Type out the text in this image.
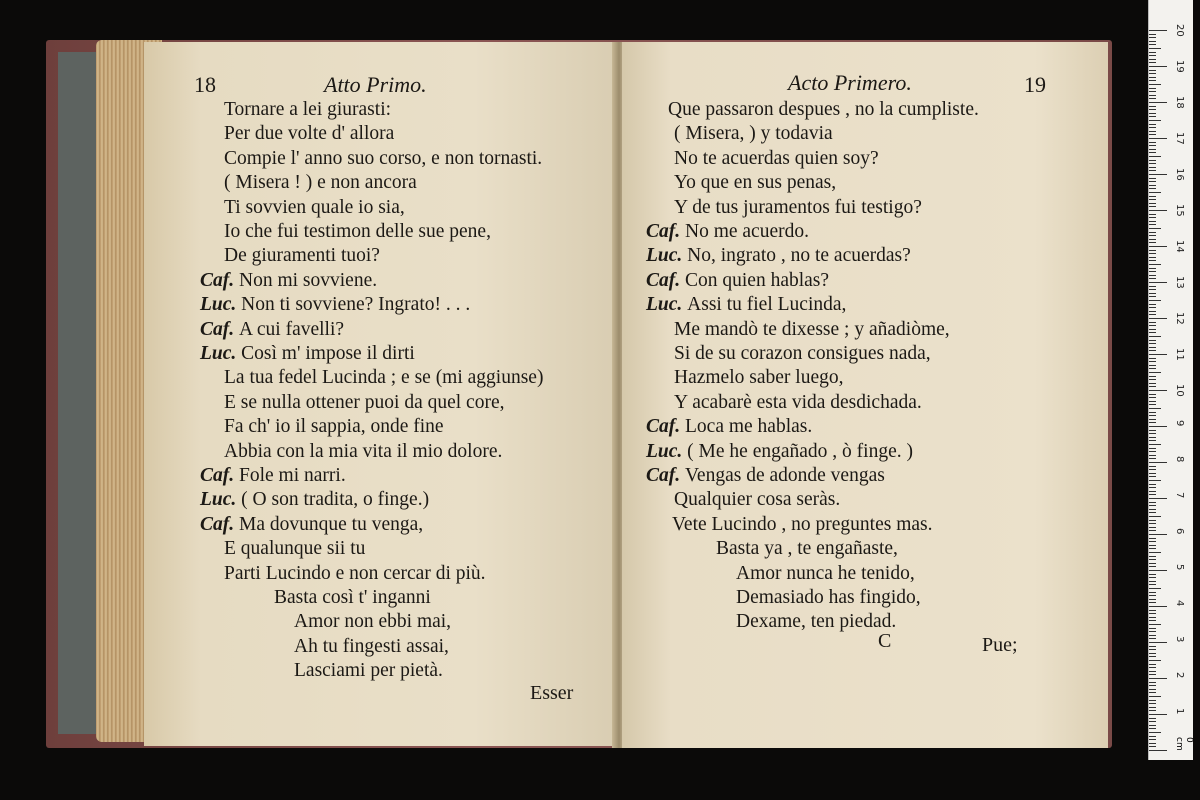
18	Atto Primo.
Tornare a lei giurasti:
Per due volte d' allora
Compie l' anno suo corso, e non tornasti.
( Misera ! ) e non ancora
Ti sovvien quale io sia,
Io che fui testimon delle sue pene,
De giuramenti tuoi?
Caf. Non mi sovviene.
Luc. Non ti sovviene? Ingrato! . . .
Caf. A cui favelli?
Luc. Così m' impose il dirti
La tua fedel Lucinda ; e se (mi aggiunse)
E se nulla ottener puoi da quel core,
Fa ch' io il sappia, onde fine
Abbia con la mia vita il mio dolore.
Caf. Fole mi narri.
Luc. ( O son tradita, o finge.)
Caf. Ma dovunque tu venga,
E qualunque sii tu
Parti Lucindo e non cercar di più.
Basta così t' inganni
Amor non ebbi mai,
Ah tu fingesti assai,
Lasciami per pietà.
Esser
Acto Primero.	19
Que passaron despues , no la cumpliste.
( Misera, ) y todavia
No te acuerdas quien soy?
Yo que en sus penas,
Y de tus juramentos fui testigo?
Caf. No me acuerdo.
Luc. No, ingrato , no te acuerdas?
Caf. Con quien hablas?
Luc. Assi tu fiel Lucinda,
Me mandò te dixesse ; y añadiòme,
Si de su corazon consigues nada,
Hazmelo saber luego,
Y acabarè esta vida desdichada.
Caf. Loca me hablas.
Luc. ( Me he engañado , ò finge. )
Caf. Vengas de adonde vengas
Qualquier cosa seràs.
Vete Lucindo , no preguntes mas.
Basta ya , te engañaste,
Amor nunca he tenido,
Demasiado has fingido,
Dexame, ten piedad.
C	Pue;
0 cm
20
19
18
17
16
15
14
13
12
11
10
9
8
7
6
5
4
3
2
1
